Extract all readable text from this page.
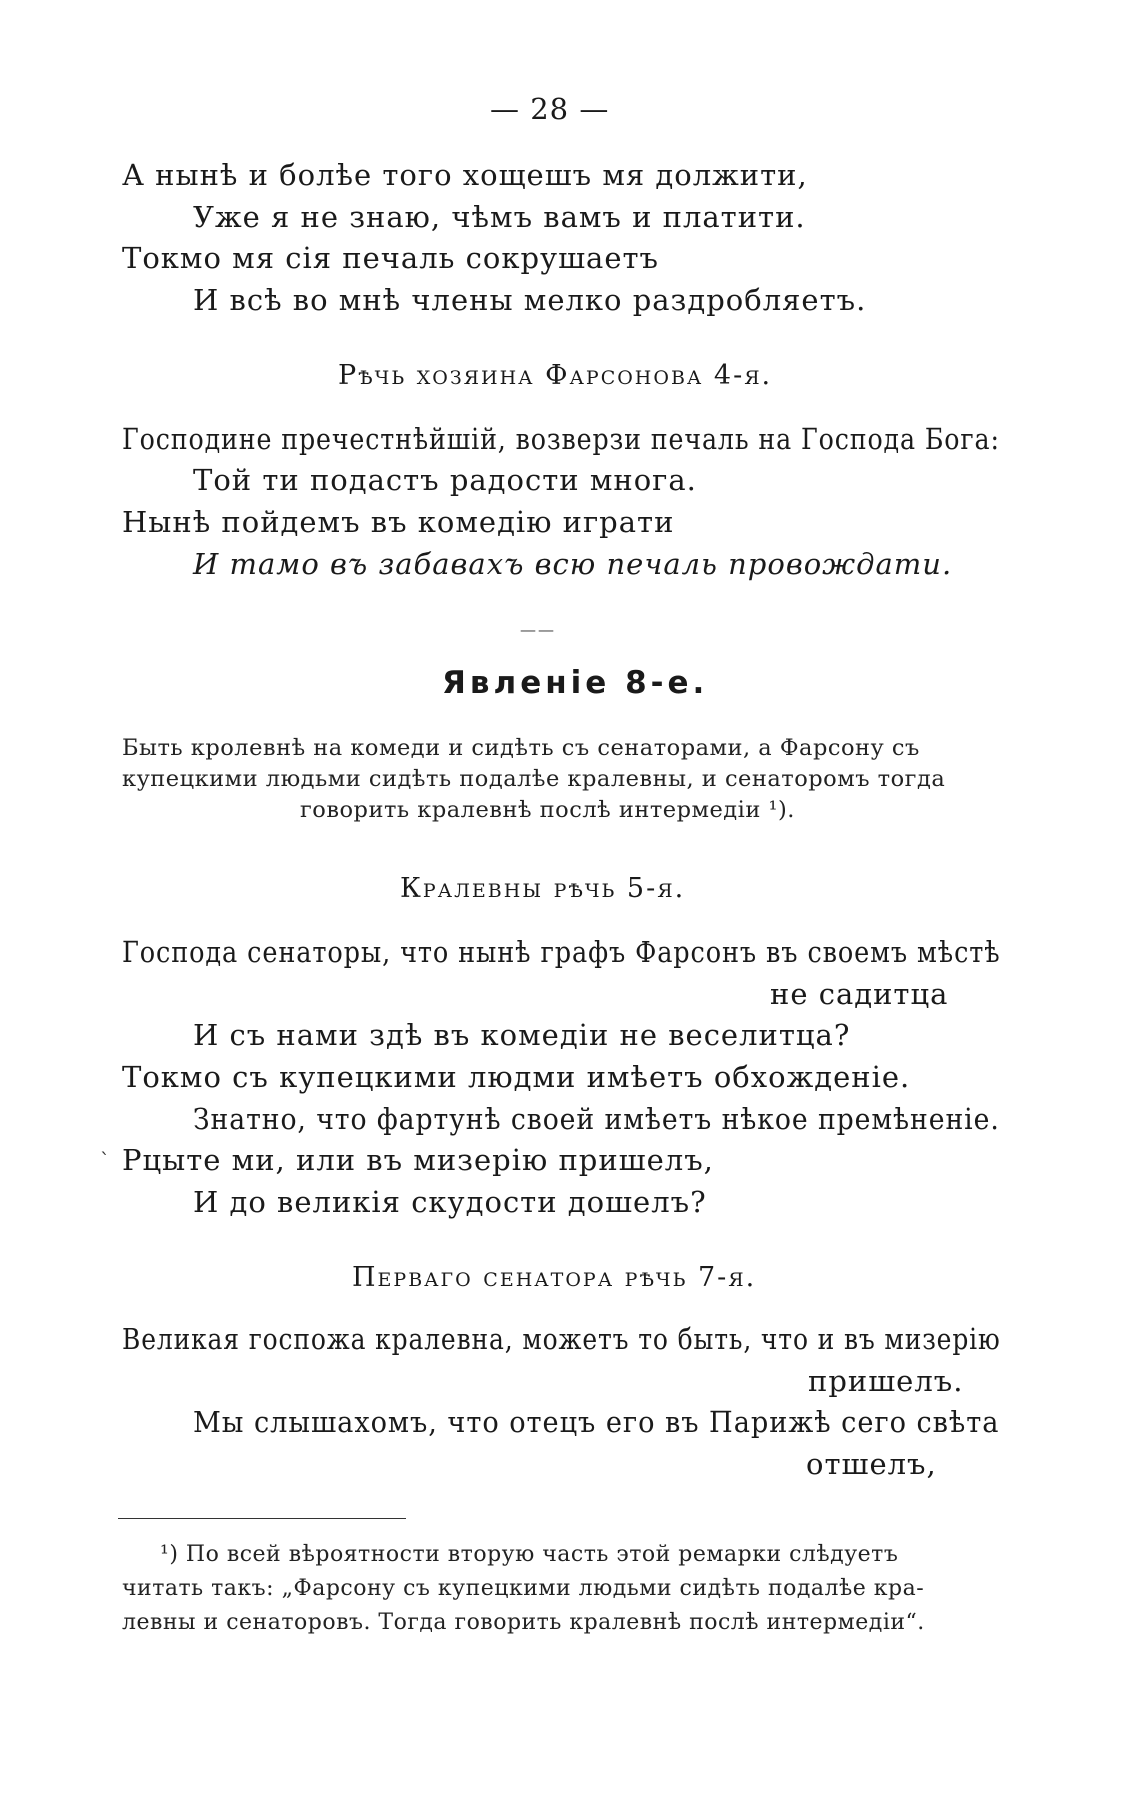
— 28 —
А нынѣ и болѣе того хощешъ мя должити,
Уже я не знаю, чѣмъ вамъ и платити.
Токмо мя сія печаль сокрушаетъ
И всѣ во мнѣ члены мелко раздробляетъ.
Рѣчь хозяина Фарсонова 4-я.
Господине пречестнѣйшій, возверзи печаль на Господа Бога:
Той ти подастъ радости многа.
Нынѣ пойдемъ въ комедію играти
И тамо въ забавахъ всю печаль провождати.
——
Явленіе 8-е.
Быть кролевнѣ на комеди и сидѣть съ сенаторами, а Фарсону съ
купецкими людьми сидѣть подалѣе кралевны, и сенаторомъ тогда
говорить кралевнѣ послѣ интермедіи ¹).
Кралевны рѣчь 5-я.
Господа сенаторы, что нынѣ графъ Фарсонъ въ своемъ мѣстѣ
не садитца
И съ нами здѣ въ комедіи не веселитца?
Токмо съ купецкими людми имѣетъ обхожденіе.
Знатно, что фартунѣ своей имѣетъ нѣкое премѣненіе.
` Рцыте ми, или въ мизерію пришелъ,
И до великія скудости дошелъ?
Перваго сенатора рѣчь 7-я.
Великая госпожа кралевна, можетъ то быть, что и въ мизерію
пришелъ.
Мы слышахомъ, что отецъ его въ Парижѣ сего свѣта
отшелъ,
¹) По всей вѣроятности вторую часть этой ремарки слѣдуетъ
читать такъ: „Фарсону съ купецкими людьми сидѣть подалѣе кра-
левны и сенаторовъ. Тогда говорить кралевнѣ послѣ интермедіи“.
